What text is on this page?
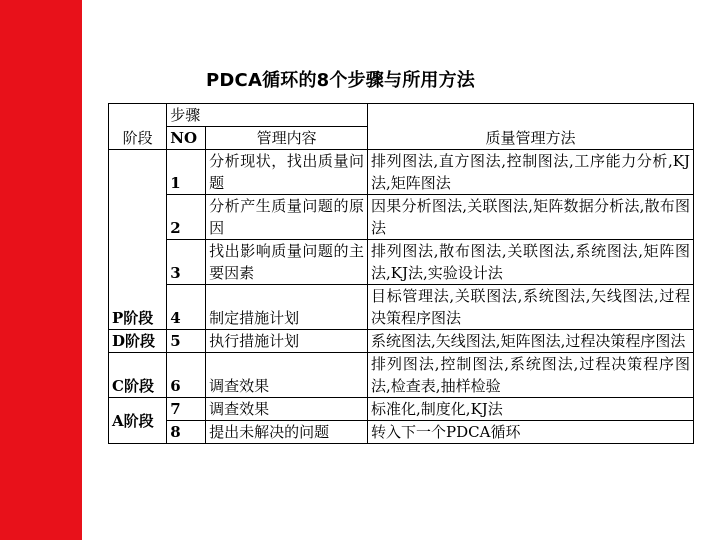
PDCA循环的8个步骤与所用方法
阶段	步骤		质量管理方法
	NO	管理内容	
P阶段	1	分析现状，找出质量问题	排列图法,直方图法,控制图法,工序能力分析,KJ法,矩阵图法
	2	分析产生质量问题的原因	因果分析图法,关联图法,矩阵数据分析法,散布图法
	3	找出影响质量问题的主要因素	排列图法,散布图法,关联图法,系统图法,矩阵图法,KJ法,实验设计法
	4	制定措施计划	目标管理法,关联图法,系统图法,矢线图法,过程决策程序图法
D阶段	5	执行措施计划	系统图法,矢线图法,矩阵图法,过程决策程序图法
C阶段	6	调查效果	排列图法,控制图法,系统图法,过程决策程序图法,检查表,抽样检验
A阶段	7	调查效果	标准化,制度化,KJ法
	8	提出未解决的问题	转入下一个PDCA循环
